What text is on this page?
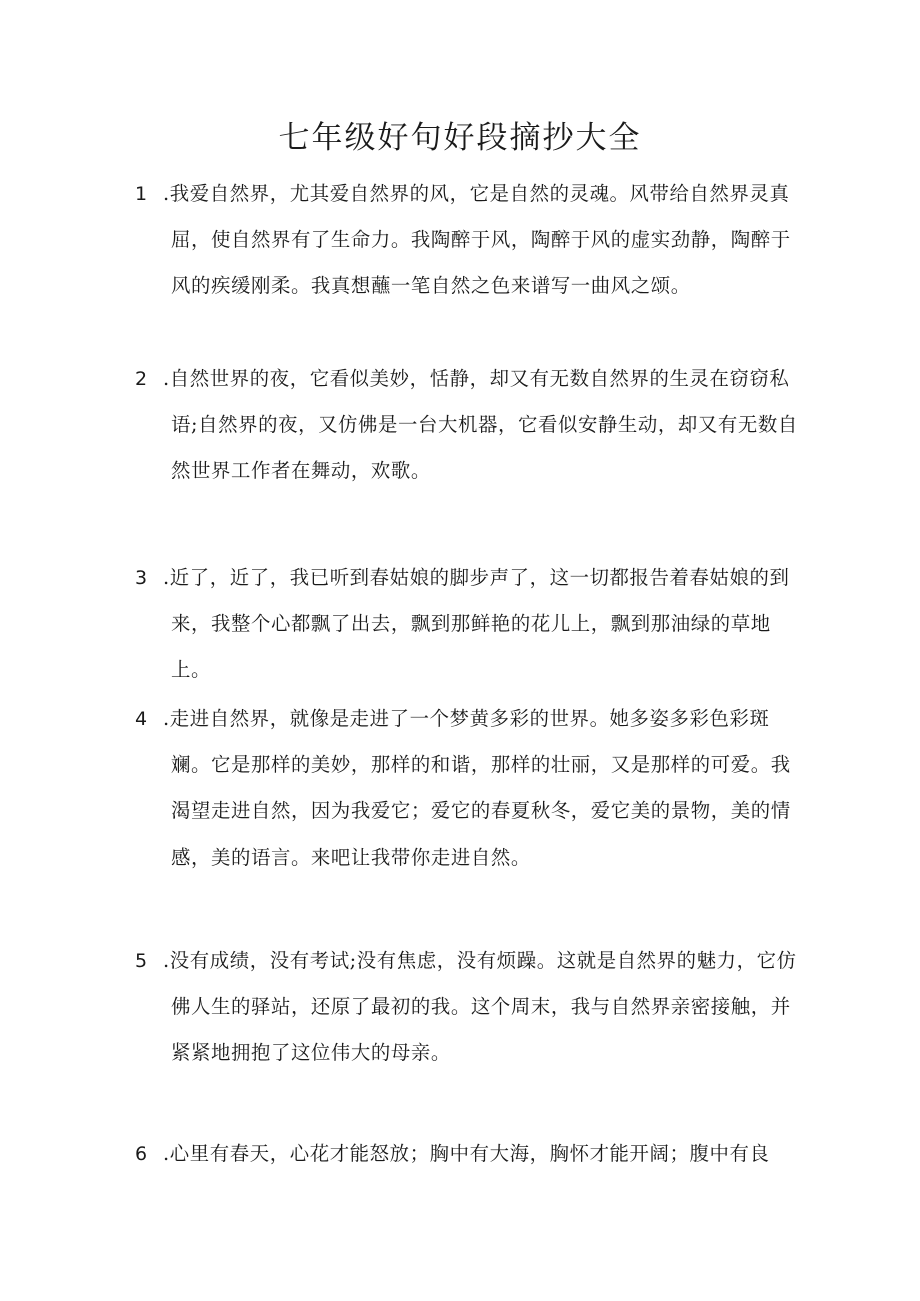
七年级好句好段摘抄大全
1 .我爱自然界，尤其爱自然界的风，它是自然的灵魂。风带给自然界灵真屈，使自然界有了生命力。我陶醉于风，陶醉于风的虚实劲静，陶醉于风的疾缓刚柔。我真想蘸一笔自然之色来谱写一曲风之颂。

2 .自然世界的夜，它看似美妙，恬静，却又有无数自然界的生灵在窃窃私语;自然界的夜，又仿佛是一台大机器，它看似安静生动，却又有无数自然世界工作者在舞动，欢歌。

3 .近了，近了，我已听到春姑娘的脚步声了，这一切都报告着春姑娘的到来，我整个心都飘了出去，飘到那鲜艳的花儿上，飘到那油绿的草地上。

4 .走进自然界，就像是走进了一个梦黄多彩的世界。她多姿多彩色彩斑斓。它是那样的美妙，那样的和谐，那样的壮丽，又是那样的可爱。我渴望走进自然，因为我爱它；爱它的春夏秋冬，爱它美的景物，美的情感，美的语言。来吧让我带你走进自然。

5 .没有成绩，没有考试;没有焦虑，没有烦躁。这就是自然界的魅力，它仿佛人生的驿站，还原了最初的我。这个周末，我与自然界亲密接触，并紧紧地拥抱了这位伟大的母亲。

6 .心里有春天，心花才能怒放；胸中有大海，胸怀才能开阔；腹中有良
